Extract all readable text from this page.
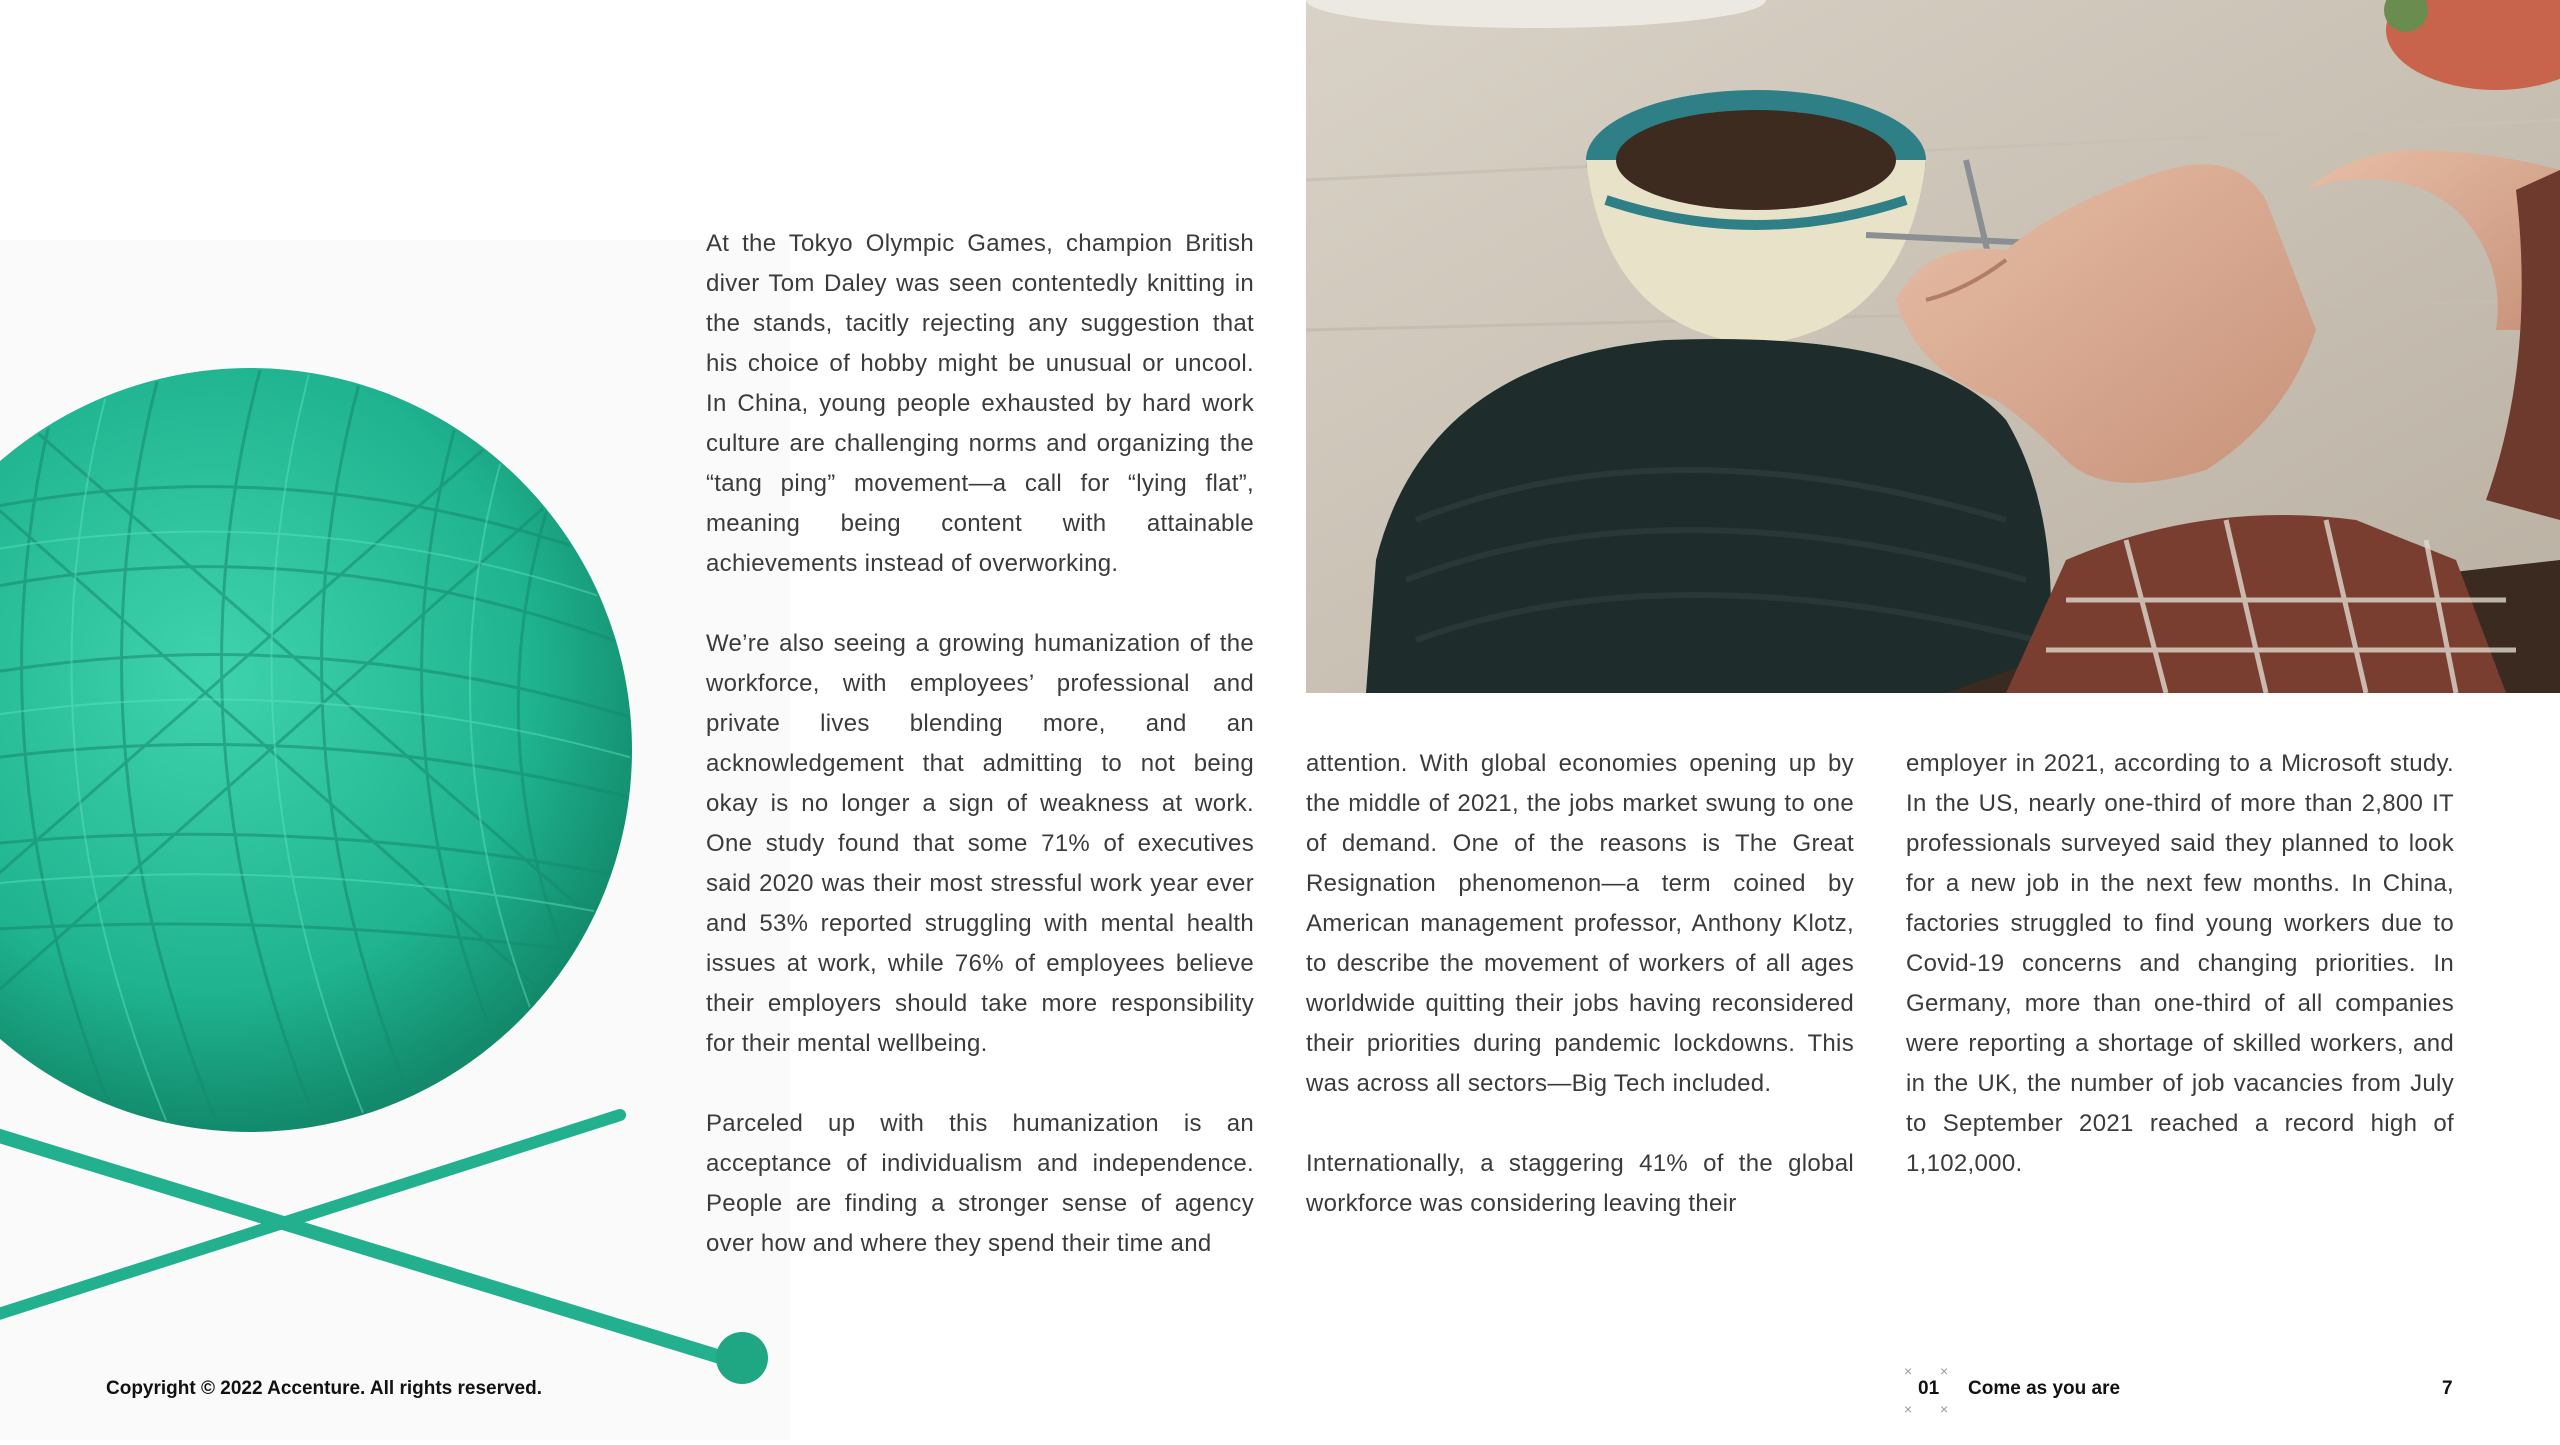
At the Tokyo Olympic Games, champion British diver Tom Daley was seen contentedly knitting in the stands, tacitly rejecting any suggestion that his choice of hobby might be unusual or uncool. In China, young people exhausted by hard work culture are challenging norms and organizing the “tang ping” movement—a call for “lying flat”, meaning being content with attainable achievements instead of overworking.

We’re also seeing a growing humanization of the workforce, with employees’ professional and private lives blending more, and an acknowledgement that admitting to not being okay is no longer a sign of weakness at work. One study found that some 71% of executives said 2020 was their most stressful work year ever and 53% reported struggling with mental health issues at work, while 76% of employees believe their employers should take more responsibility for their mental wellbeing.

Parceled up with this humanization is an acceptance of individualism and independence. People are finding a stronger sense of agency over how and where they spend their time and

attention. With global economies opening up by the middle of 2021, the jobs market swung to one of demand. One of the reasons is The Great Resignation phenomenon—a term coined by American management professor, Anthony Klotz, to describe the movement of workers of all ages worldwide quitting their jobs having reconsidered their priorities during pandemic lockdowns. This was across all sectors—Big Tech included.

Internationally, a staggering 41% of the global workforce was considering leaving their

employer in 2021, according to a Microsoft study. In the US, nearly one-third of more than 2,800 IT professionals surveyed said they planned to look for a new job in the next few months. In China, factories struggled to find young workers due to Covid-19 concerns and changing priorities. In Germany, more than one-third of all companies were reporting a shortage of skilled workers, and in the UK, the number of job vacancies from July to September 2021 reached a record high of 1,102,000.

Copyright © 2022 Accenture. All rights reserved.
× ×
× ×
01 Come as you are	7
